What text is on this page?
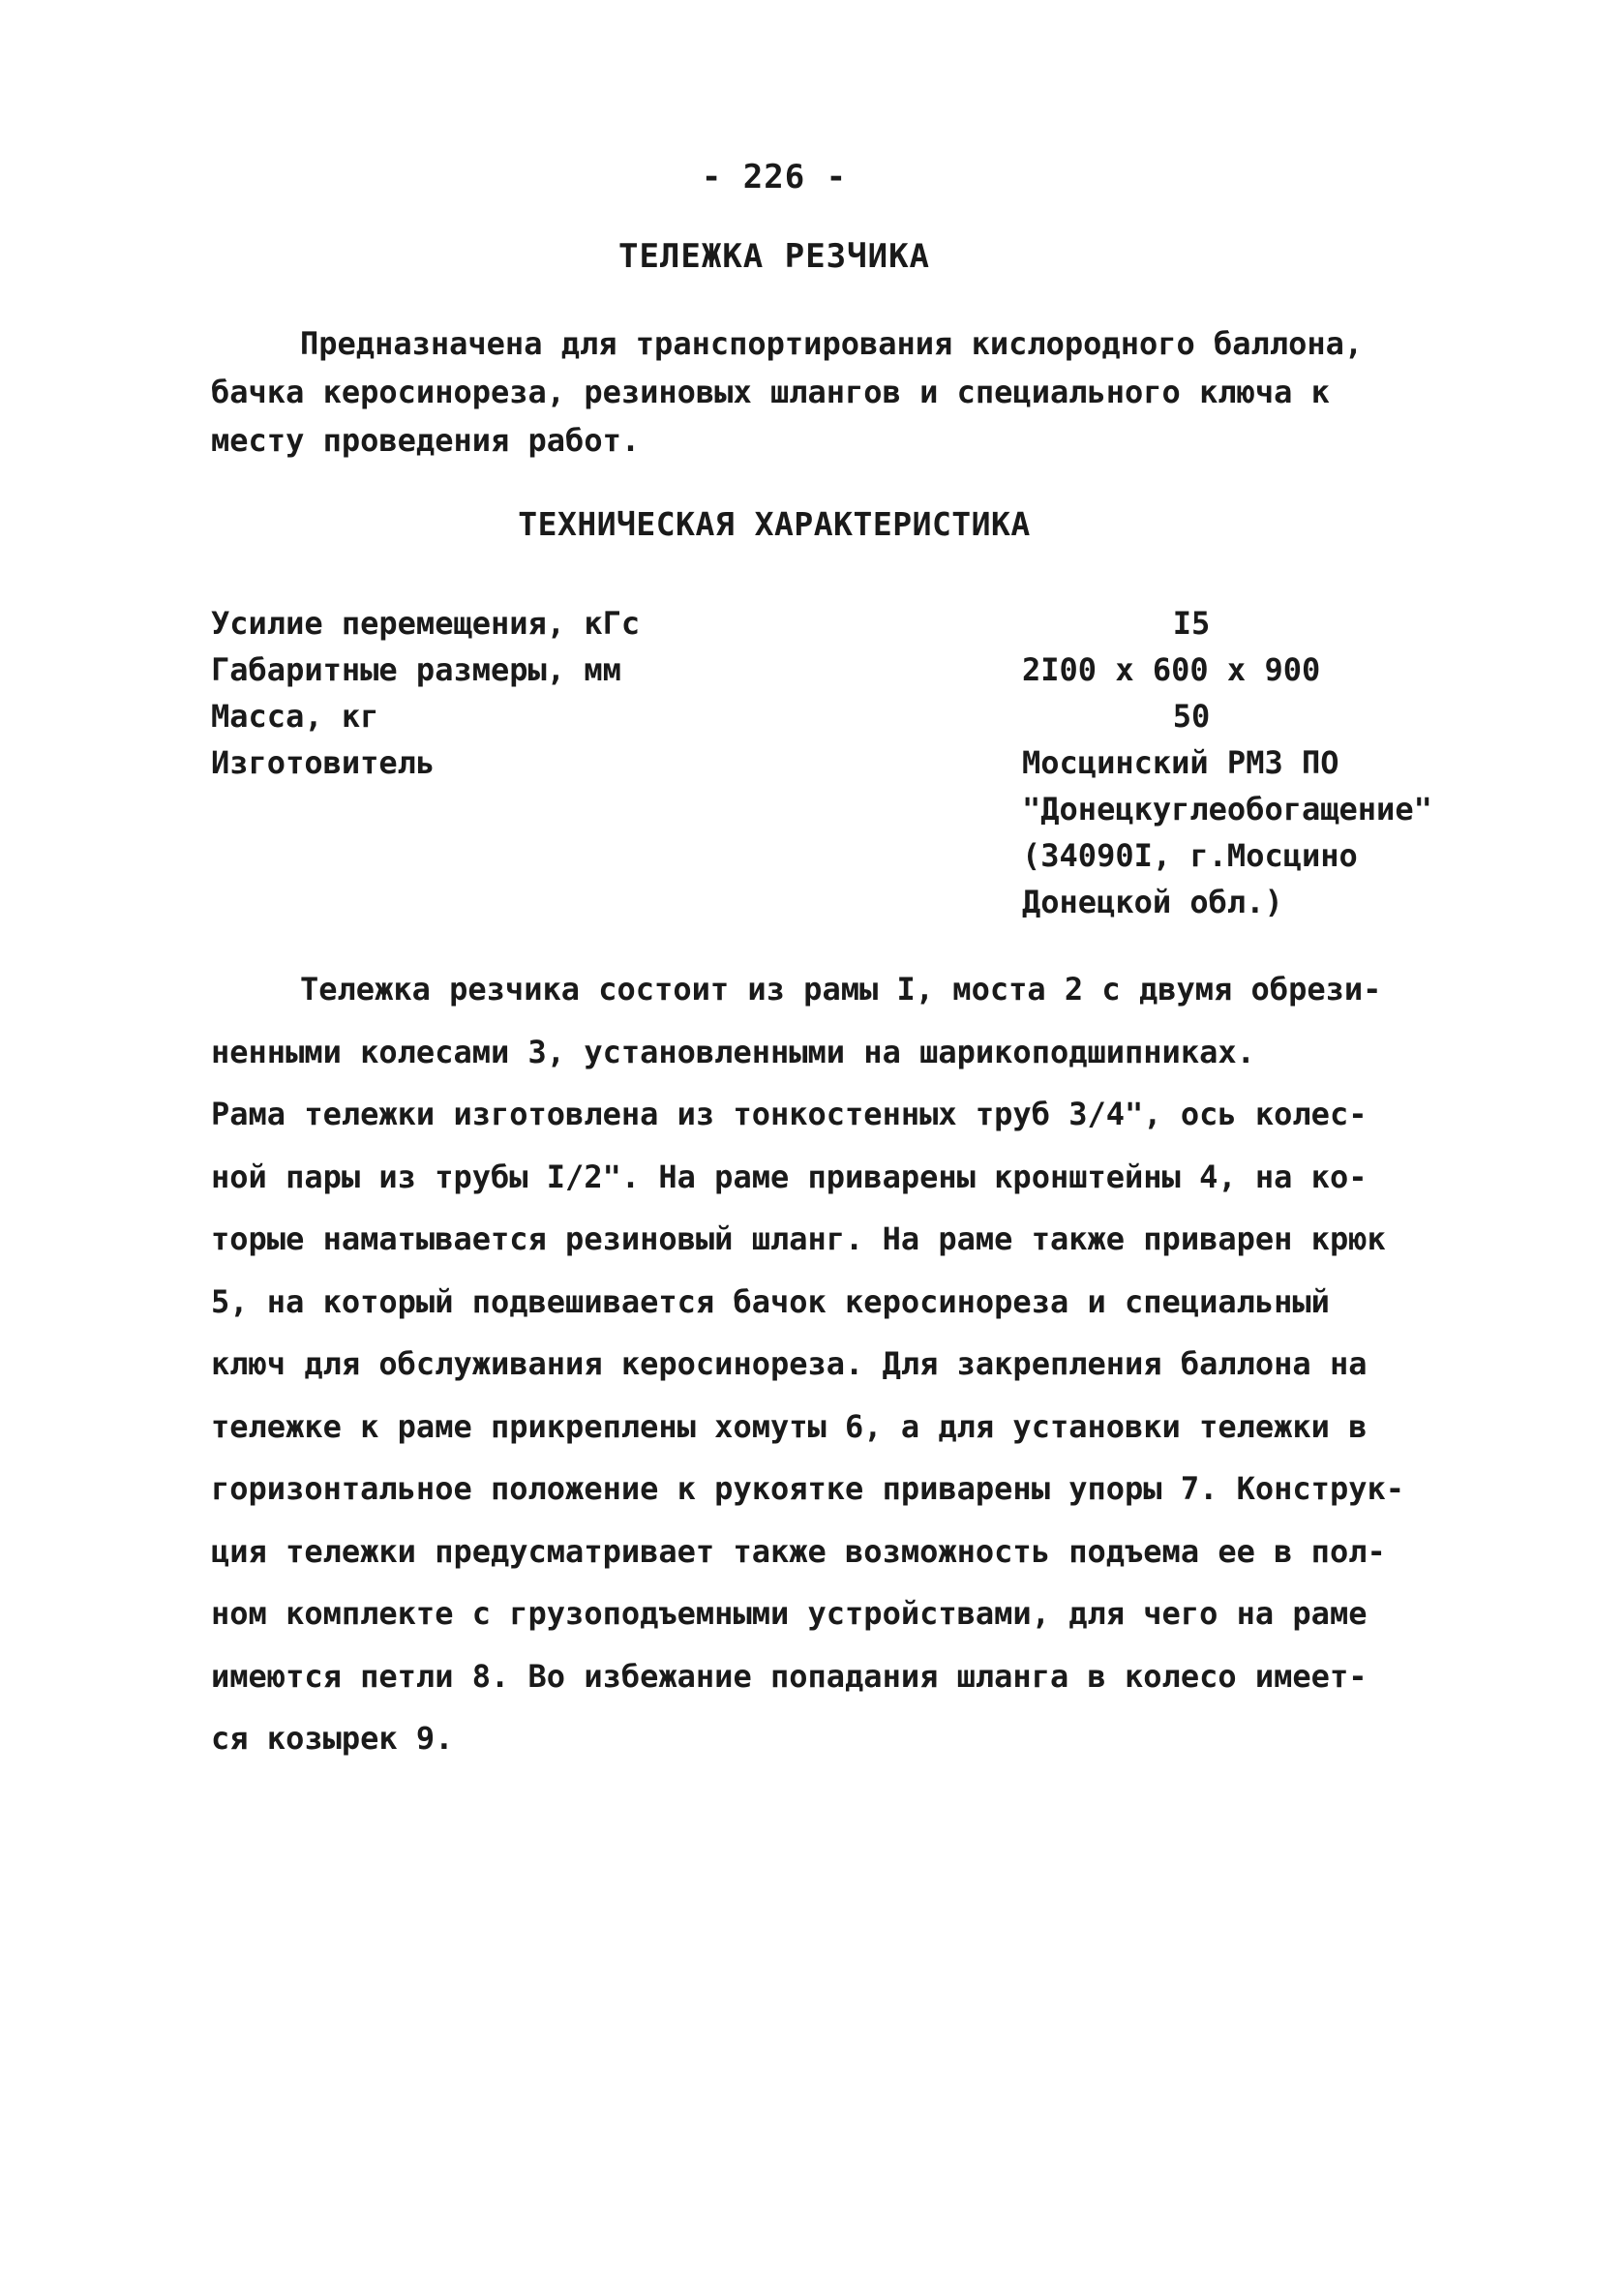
- 226 -
ТЕЛЕЖКА РЕЗЧИКА
Предназначена для транспортирования кислородного баллона,
бачка керосинореза, резиновых шлангов и специального ключа к
месту проведения работ.
ТЕХНИЧЕСКАЯ ХАРАКТЕРИСТИКА
Усилие перемещения, кГс	I5
Габаритные размеры, мм	2I00 x 600 x 900
Масса, кг	50
Изготовитель	Мосцинский РМЗ ПО
"Донецкуглеобогащение"
(34090I, г.Мосцино
Донецкой обл.)
Тележка резчика состоит из рамы I, моста 2 с двумя обрези-
ненными колесами 3, установленными на шарикоподшипниках.
Рама тележки изготовлена из тонкостенных труб 3/4", ось колес-
ной пары из трубы I/2". На раме приварены кронштейны 4, на ко-
торые наматывается резиновый шланг. На раме также приварен крюк
5, на который подвешивается бачок керосинореза и специальный
ключ для обслуживания керосинореза. Для закрепления баллона на
тележке к раме прикреплены хомуты 6, а для установки тележки в
горизонтальное положение к рукоятке приварены упоры 7. Конструк-
ция тележки предусматривает также возможность подъема ее в пол-
ном комплекте с грузоподъемными устройствами, для чего на раме
имеются петли 8. Во избежание попадания шланга в колесо имеет-
ся козырек 9.
